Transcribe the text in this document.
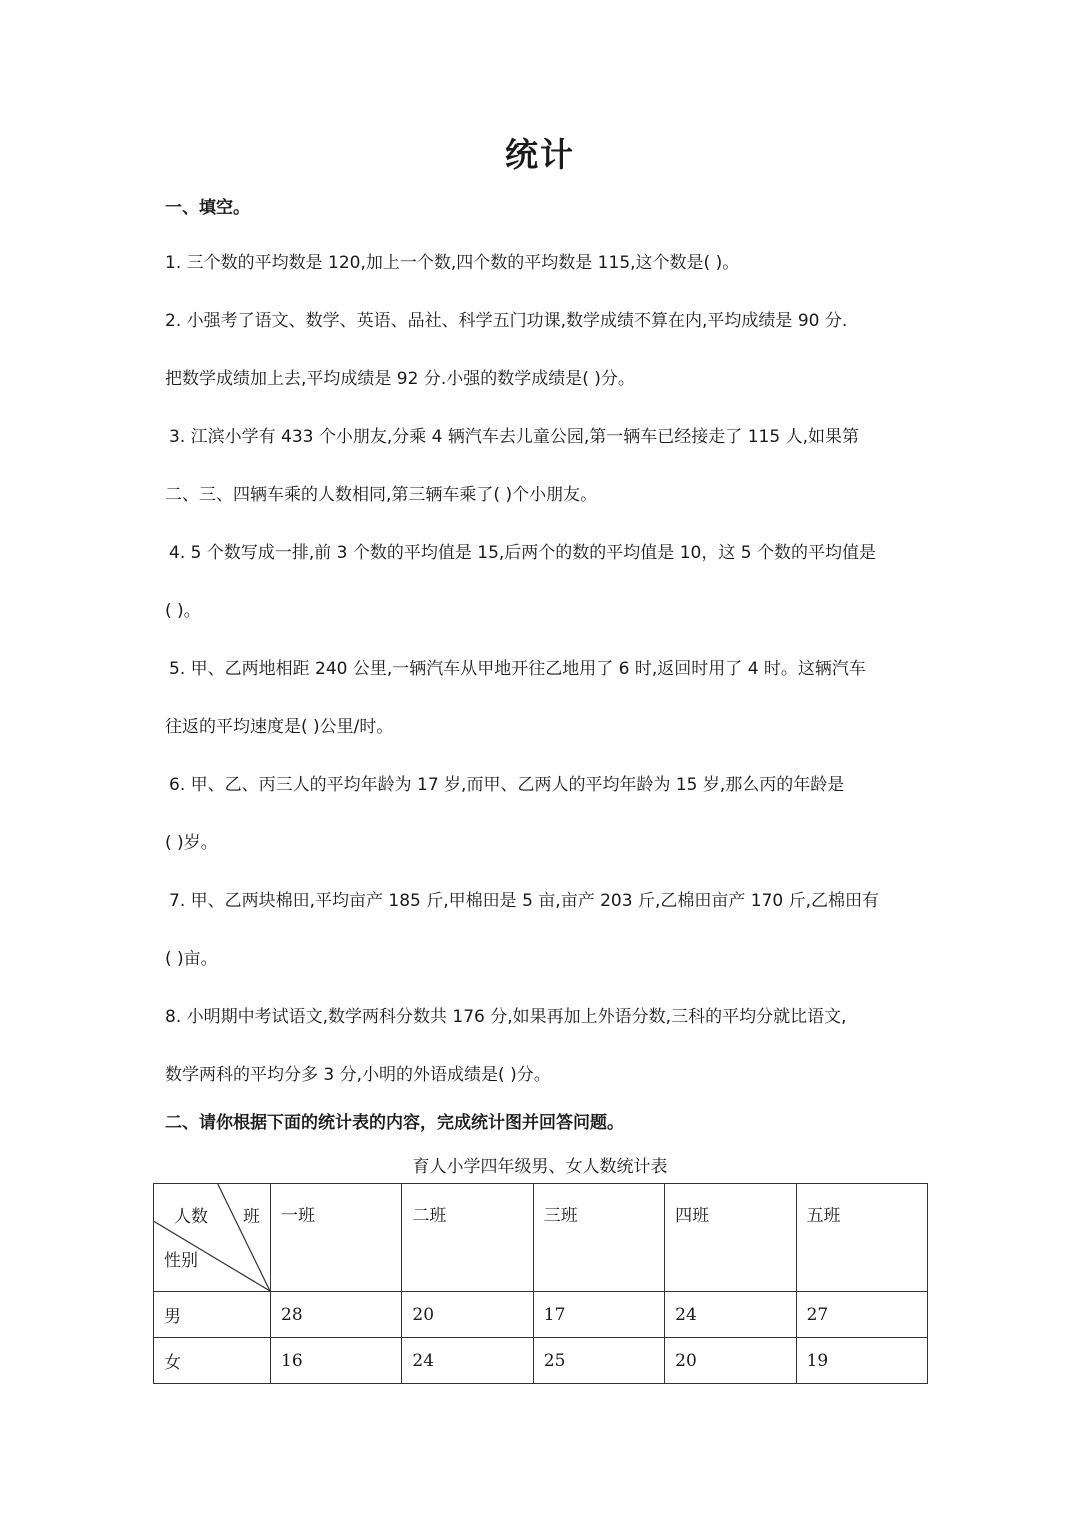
统计
一、填空。
1. 三个数的平均数是 120,加上一个数,四个数的平均数是 115,这个数是( )。
2. 小强考了语文、数学、英语、品社、科学五门功课,数学成绩不算在内,平均成绩是 90 分.
把数学成绩加上去,平均成绩是 92 分.小强的数学成绩是( )分。
3. 江滨小学有 433 个小朋友,分乘 4 辆汽车去儿童公园,第一辆车已经接走了 115 人,如果第
二、三、四辆车乘的人数相同,第三辆车乘了( )个小朋友。
4. 5 个数写成一排,前 3 个数的平均值是 15,后两个的数的平均值是 10，这 5 个数的平均值是
( )。
5. 甲、乙两地相距 240 公里,一辆汽车从甲地开往乙地用了 6 时,返回时用了 4 时。这辆汽车
往返的平均速度是( )公里/时。
6. 甲、乙、丙三人的平均年龄为 17 岁,而甲、乙两人的平均年龄为 15 岁,那么丙的年龄是
( )岁。
7. 甲、乙两块棉田,平均亩产 185 斤,甲棉田是 5 亩,亩产 203 斤,乙棉田亩产 170 斤,乙棉田有
( )亩。
8. 小明期中考试语文,数学两科分数共 176 分,如果再加上外语分数,三科的平均分就比语文,
数学两科的平均分多 3 分,小明的外语成绩是( )分。
二、请你根据下面的统计表的内容，完成统计图并回答问题。
育人小学四年级男、女人数统计表
人数 班
性别	一班	二班	三班	四班	五班
男	28	20	17	24	27
女	16	24	25	20	19
